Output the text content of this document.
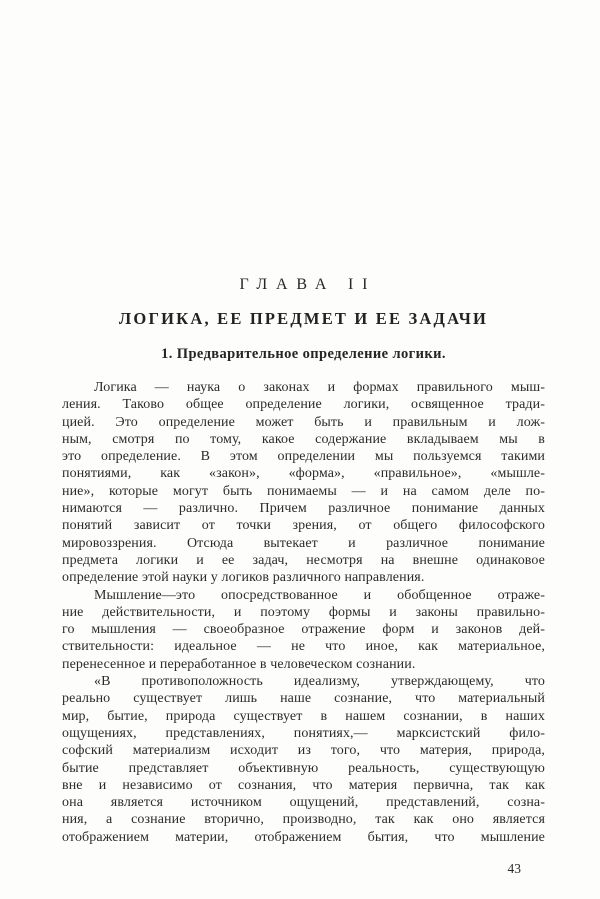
ГЛАВА II
ЛОГИКА, ЕЕ ПРЕДМЕТ И ЕЕ ЗАДАЧИ
1. Предварительное определение логики.
Логика — наука о законах и формах правильного мыш-
ления. Таково общее определение логики, освященное тради-
цией. Это определение может быть и правильным и лож-
ным, смотря по тому, какое содержание вкладываем мы в
это определение. В этом определении мы пользуемся такими
понятиями, как «закон», «форма», «правильное», «мышле-
ние», которые могут быть понимаемы — и на самом деле по-
нимаются — различно. Причем различное понимание данных
понятий зависит от точки зрения, от общего философского
мировоззрения. Отсюда вытекает и различное понимание
предмета логики и ее задач, несмотря на внешне одинаковое
определение этой науки у логиков различного направления.
Мышление—это опосредствованное и обобщенное отраже-
ние действительности, и поэтому формы и законы правильно-
го мышления — своеобразное отражение форм и законов дей-
ствительности: идеальное — не что иное, как материальное,
перенесенное и переработанное в человеческом сознании.
«В противоположность идеализму, утверждающему, что
реально существует лишь наше сознание, что материальный
мир, бытие, природа существует в нашем сознании, в наших
ощущениях, представлениях, понятиях,— марксистский фило-
софский материализм исходит из того, что материя, природа,
бытие представляет объективную реальность, существующую
вне и независимо от сознания, что материя первична, так как
она является источником ощущений, представлений, созна-
ния, а сознание вторично, производно, так как оно является
отображением материи, отображением бытия, что мышление
43
